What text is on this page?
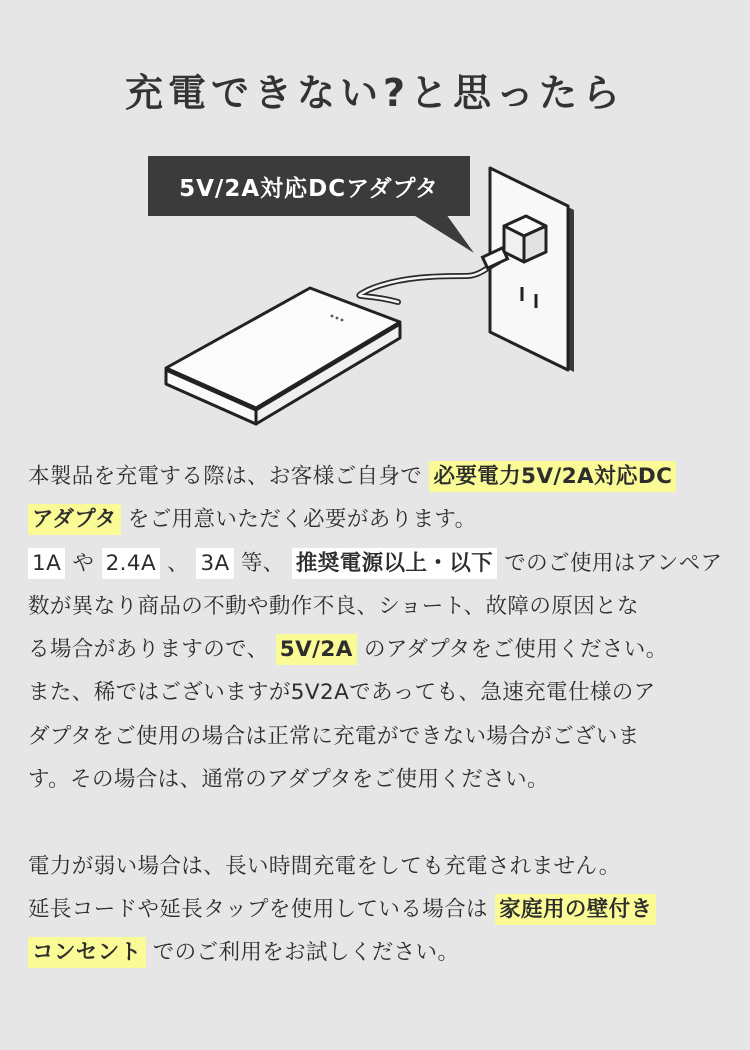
充電できない?と思ったら
5V/2A対応DCアダプタ
本製品を充電する際は、お客様ご自身で 必要電力5V/2A対応DC
アダプタ をご用意いただく必要があります。
1A や 2.4A 、 3A 等、 推奨電源以上・以下 でのご使用はアンペア
数が異なり商品の不動や動作不良、ショート、故障の原因とな
る場合がありますので、 5V/2A のアダプタをご使用ください。
また、稀ではございますが5V2Aであっても、急速充電仕様のア
ダプタをご使用の場合は正常に充電ができない場合がございま
す。その場合は、通常のアダプタをご使用ください。
電力が弱い場合は、長い時間充電をしても充電されません。
延長コードや延長タップを使用している場合は 家庭用の壁付き
コンセント でのご利用をお試しください。
